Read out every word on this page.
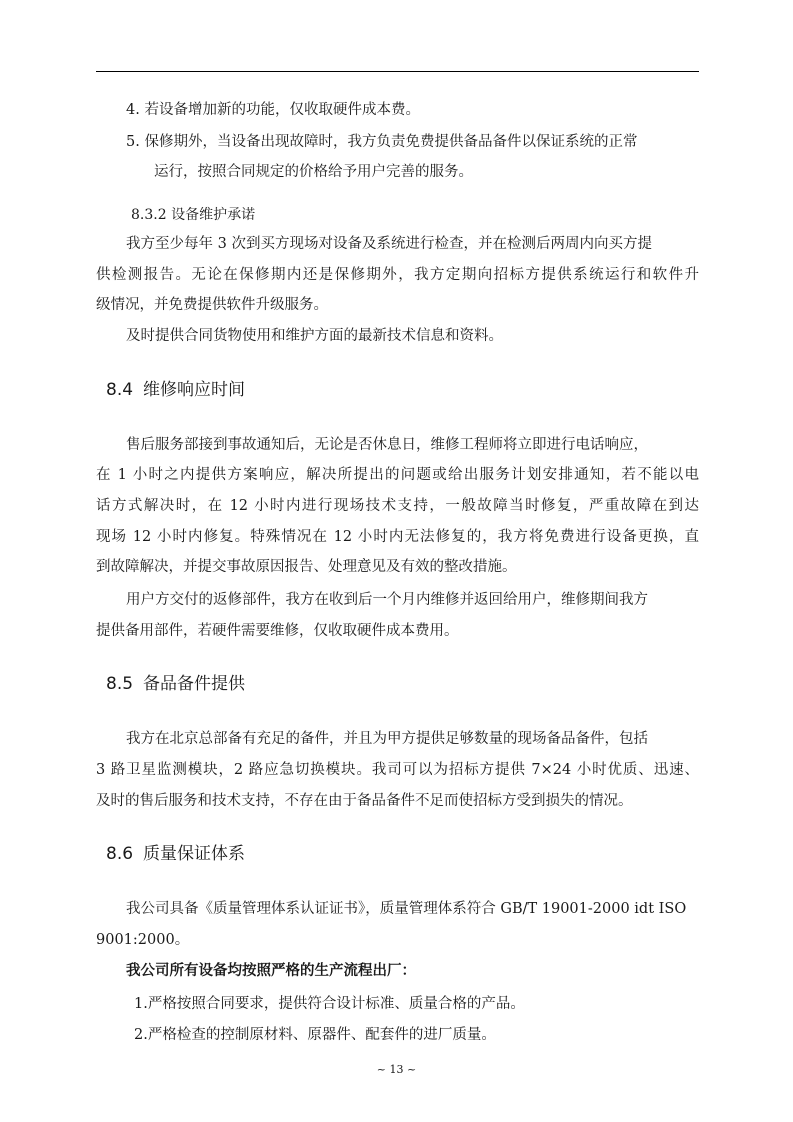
4. 若设备增加新的功能，仅收取硬件成本费。
5. 保修期外，当设备出现故障时，我方负责免费提供备品备件以保证系统的正常
运行，按照合同规定的价格给予用户完善的服务。
8.3.2 设备维护承诺
我方至少每年 3 次到买方现场对设备及系统进行检查，并在检测后两周内向买方提
供检测报告。无论在保修期内还是保修期外，我方定期向招标方提供系统运行和软件升
级情况，并免费提供软件升级服务。
及时提供合同货物使用和维护方面的最新技术信息和资料。
8.4 维修响应时间
售后服务部接到事故通知后，无论是否休息日，维修工程师将立即进行电话响应，
在 1 小时之内提供方案响应，解决所提出的问题或给出服务计划安排通知，若不能以电
话方式解决时，在 12 小时内进行现场技术支持，一般故障当时修复，严重故障在到达
现场 12 小时内修复。特殊情况在 12 小时内无法修复的，我方将免费进行设备更换，直
到故障解决，并提交事故原因报告、处理意见及有效的整改措施。
用户方交付的返修部件，我方在收到后一个月内维修并返回给用户，维修期间我方
提供备用部件，若硬件需要维修，仅收取硬件成本费用。
8.5 备品备件提供
我方在北京总部备有充足的备件，并且为甲方提供足够数量的现场备品备件，包括
3 路卫星监测模块，2 路应急切换模块。我司可以为招标方提供 7×24 小时优质、迅速、
及时的售后服务和技术支持，不存在由于备品备件不足而使招标方受到损失的情况。
8.6 质量保证体系
我公司具备《质量管理体系认证证书》，质量管理体系符合 GB/T 19001-2000 idt ISO
9001:2000。
我公司所有设备均按照严格的生产流程出厂：
1.严格按照合同要求，提供符合设计标准、质量合格的产品。
2.严格检查的控制原材料、原器件、配套件的进厂质量。
~ 13 ~
